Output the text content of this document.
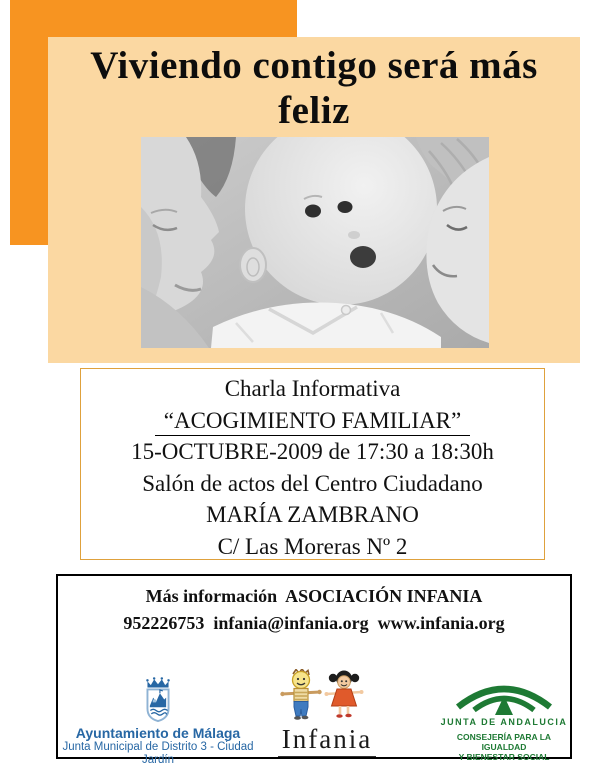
Viviendo contigo será más
feliz
Charla Informativa
“ACOGIMIENTO FAMILIAR”
15-OCTUBRE-2009 de 17:30 a 18:30h
Salón de actos del Centro Ciudadano
MARÍA ZAMBRANO
C/ Las Moreras Nº 2
Más información  ASOCIACIÓN INFANIA
952226753  infania@infania.org  www.infania.org
Ayuntamiento de Málaga
Junta Municipal de Distrito 3 - Ciudad Jardín
Infania
JUNTA DE ANDALUCIA
CONSEJERÍA PARA LA IGUALDAD
Y BIENESTAR SOCIAL
